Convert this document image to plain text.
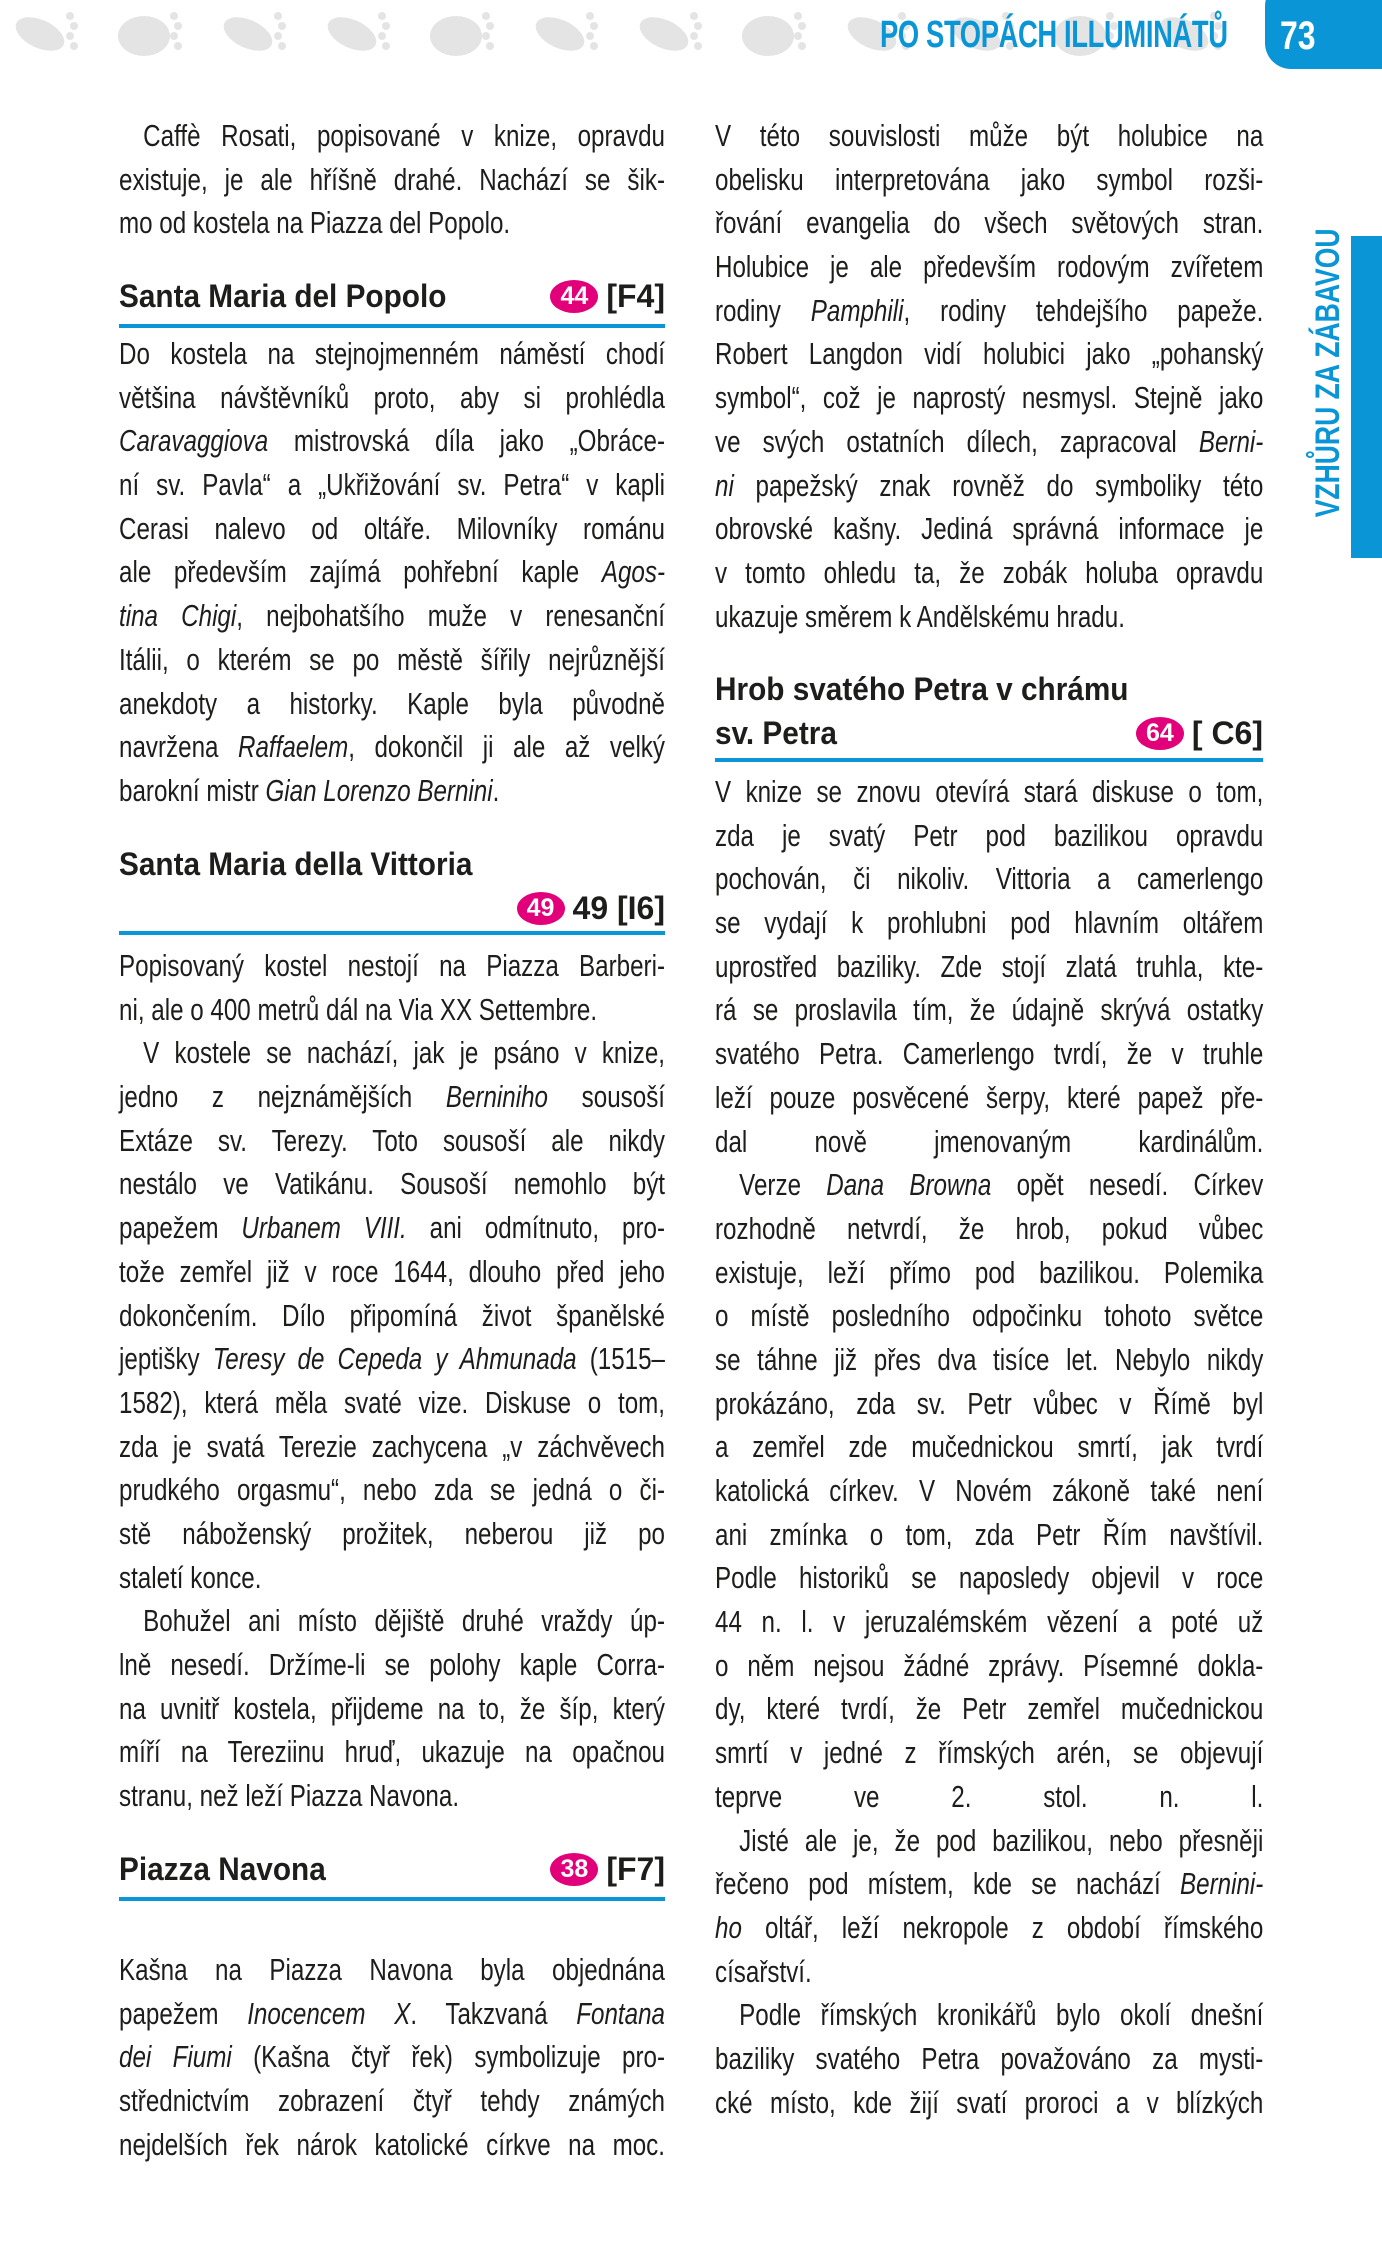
PO STOPÁCH ILLUMINÁTŮ	73
VZHŮRU ZA ZÁBAVOU
Caffè Rosati, popisované v knize, opravdu
existuje, je ale hříšně drahé. Nachází se šik-
mo od kostela na Piazza del Popolo.
Santa Maria del Popolo	44 [F4]
Do kostela na stejnojmenném náměstí chodí
většina návštěvníků proto, aby si prohlédla
Caravaggiova mistrovská díla jako „Obráce-
ní sv. Pavla“ a „Ukřižování sv. Petra“ v kapli
Cerasi nalevo od oltáře. Milovníky románu
ale především zajímá pohřební kaple Agos-
tina Chigi, nejbohatšího muže v renesanční
Itálii, o kterém se po městě šířily nejrůznější
anekdoty a historky. Kaple byla původně
navržena Raffaelem, dokončil ji ale až velký
barokní mistr Gian Lorenzo Bernini.
Santa Maria della Vittoria
49 49 [I6]
Popisovaný kostel nestojí na Piazza Barberi-
ni, ale o 400 metrů dál na Via XX Settembre.
V kostele se nachází, jak je psáno v knize,
jedno z nejznámějších Berniniho sousoší
Extáze sv. Terezy. Toto sousoší ale nikdy
nestálo ve Vatikánu. Sousoší nemohlo být
papežem Urbanem VIII. ani odmítnuto, pro-
tože zemřel již v roce 1644, dlouho před jeho
dokončením. Dílo připomíná život španělské
jeptišky Teresy de Cepeda y Ahmunada (1515–
1582), která měla svaté vize. Diskuse o tom,
zda je svatá Terezie zachycena „v záchvěvech
prudkého orgasmu“, nebo zda se jedná o či-
stě náboženský prožitek, neberou již po
staletí konce.
Bohužel ani místo dějiště druhé vraždy úp-
lně nesedí. Držíme-li se polohy kaple Corra-
na uvnitř kostela, přijdeme na to, že šíp, který
míří na Tereziinu hruď, ukazuje na opačnou
stranu, než leží Piazza Navona.
Piazza Navona	38 [F7]
Kašna na Piazza Navona byla objednána
papežem Inocencem X. Takzvaná Fontana
dei Fiumi (Kašna čtyř řek) symbolizuje pro-
střednictvím zobrazení čtyř tehdy známých
nejdelších řek nárok katolické církve na moc.
V této souvislosti může být holubice na
obelisku interpretována jako symbol rozši-
řování evangelia do všech světových stran.
Holubice je ale především rodovým zvířetem
rodiny Pamphili, rodiny tehdejšího papeže.
Robert Langdon vidí holubici jako „pohanský
symbol“, což je naprostý nesmysl. Stejně jako
ve svých ostatních dílech, zapracoval Berni-
ni papežský znak rovněž do symboliky této
obrovské kašny. Jediná správná informace je
v tomto ohledu ta, že zobák holuba opravdu
ukazuje směrem k Andělskému hradu.
Hrob svatého Petra v chrámu
sv. Petra	64 [ C6]
V knize se znovu otevírá stará diskuse o tom,
zda je svatý Petr pod bazilikou opravdu
pochován, či nikoliv. Vittoria a camerlengo
se vydají k prohlubni pod hlavním oltářem
uprostřed baziliky. Zde stojí zlatá truhla, kte-
rá se proslavila tím, že údajně skrývá ostatky
svatého Petra. Camerlengo tvrdí, že v truhle
leží pouze posvěcené šerpy, které papež pře-
dal nově jmenovaným kardinálům.
Verze Dana Browna opět nesedí. Církev
rozhodně netvrdí, že hrob, pokud vůbec
existuje, leží přímo pod bazilikou. Polemika
o místě posledního odpočinku tohoto světce
se táhne již přes dva tisíce let. Nebylo nikdy
prokázáno, zda sv. Petr vůbec v Římě byl
a zemřel zde mučednickou smrtí, jak tvrdí
katolická církev. V Novém zákoně také není
ani zmínka o tom, zda Petr Řím navštívil.
Podle historiků se naposledy objevil v roce
44 n. l. v jeruzalémském vězení a poté už
o něm nejsou žádné zprávy. Písemné dokla-
dy, které tvrdí, že Petr zemřel mučednickou
smrtí v jedné z římských arén, se objevují
teprve ve 2. stol. n. l.
Jisté ale je, že pod bazilikou, nebo přesněji
řečeno pod místem, kde se nachází Bernini-
ho oltář, leží nekropole z období římského
císařství.
Podle římských kronikářů bylo okolí dnešní
baziliky svatého Petra považováno za mysti-
cké místo, kde žijí svatí proroci a v blízkých
